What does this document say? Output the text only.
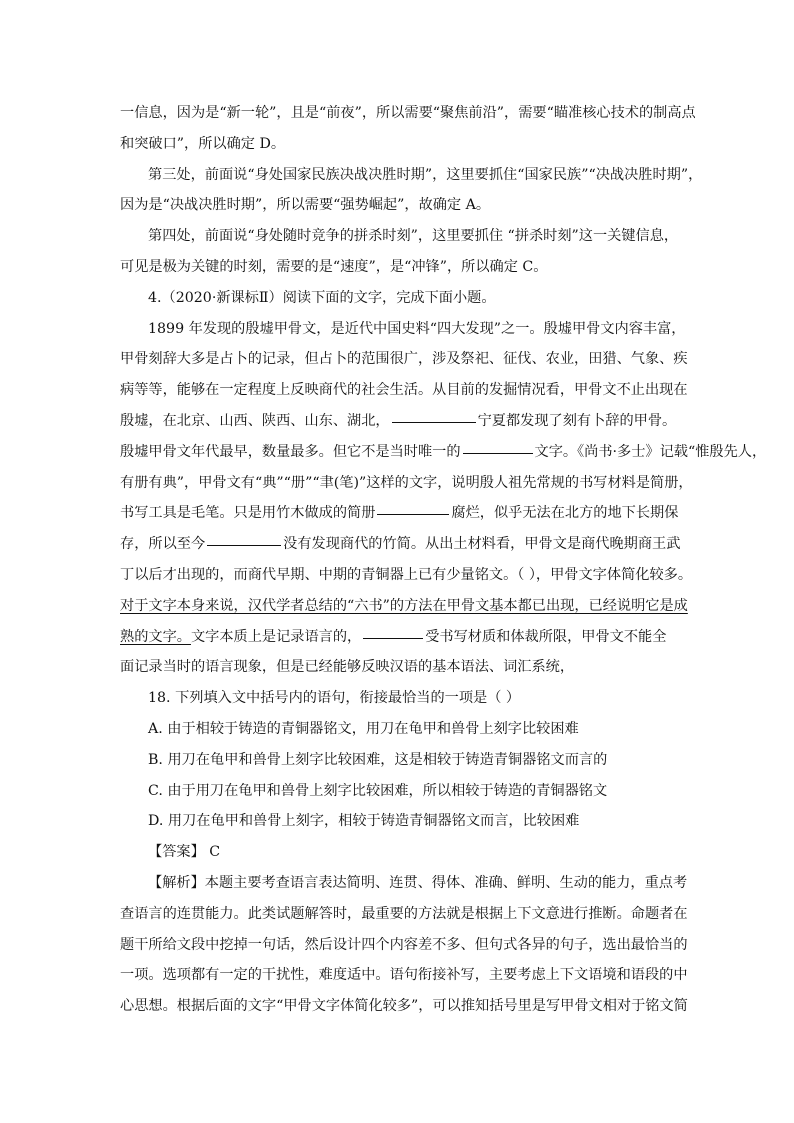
一信息，因为是“新一轮”，且是“前夜”，所以需要“聚焦前沿”，需要“瞄准核心技术的制高点
和突破口”，所以确定 D。
第三处，前面说“身处国家民族决战决胜时期”，这里要抓住“国家民族”“决战决胜时期”，
因为是“决战决胜时期”，所以需要“强势崛起”，故确定 A。
第四处，前面说“身处随时竞争的拼杀时刻”，这里要抓住 “拼杀时刻”这一关键信息，
可见是极为关键的时刻，需要的是“速度”，是“冲锋”，所以确定 C。
4.（2020·新课标Ⅱ）阅读下面的文字，完成下面小题。
1899 年发现的殷墟甲骨文，是近代中国史料“四大发现”之一。殷墟甲骨文内容丰富，
甲骨刻辞大多是占卜的记录，但占卜的范围很广，涉及祭祀、征伐、农业，田猎、气象、疾
病等等，能够在一定程度上反映商代的社会生活。从目前的发掘情况看，甲骨文不止出现在
殷墟，在北京、山西、陕西、山东、湖北，	宁夏都发现了刻有卜辞的甲骨。
殷墟甲骨文年代最早，数量最多。但它不是当时唯一的	文字。《尚书·多士》记载“惟殷先人，
有册有典”，甲骨文有“典”“册”“聿(笔)”这样的文字，说明殷人祖先常规的书写材料是简册，
书写工具是毛笔。只是用竹木做成的简册	腐烂，似乎无法在北方的地下长期保
存，所以至今	没有发现商代的竹简。从出土材料看，甲骨文是商代晚期商王武
丁以后才出现的，而商代早期、中期的青铜器上已有少量铭文。（ ），甲骨文字体简化较多。
对于文字本身来说，汉代学者总结的“六书”的方法在甲骨文基本都已出现，已经说明它是成
熟的文字。文字本质上是记录语言的，	受书写材质和体裁所限，甲骨文不能全
面记录当时的语言现象，但是已经能够反映汉语的基本语法、词汇系统，
18. 下列填入文中括号内的语句，衔接最恰当的一项是（ ）
A. 由于相较于铸造的青铜器铭文，用刀在龟甲和兽骨上刻字比较困难
B. 用刀在龟甲和兽骨上刻字比较困难，这是相较于铸造青铜器铭文而言的
C. 由于用刀在龟甲和兽骨上刻字比较困难，所以相较于铸造的青铜器铭文
D. 用刀在龟甲和兽骨上刻字，相较于铸造青铜器铭文而言，比较困难
【答案】 C
【解析】本题主要考查语言表达简明、连贯、得体、准确、鲜明、生动的能力，重点考
查语言的连贯能力。此类试题解答时，最重要的方法就是根据上下文意进行推断。命题者在
题干所给文段中挖掉一句话，然后设计四个内容差不多、但句式各异的句子，选出最恰当的
一项。选项都有一定的干扰性，难度适中。语句衔接补写，主要考虑上下文语境和语段的中
心思想。根据后面的文字“甲骨文字体简化较多”，可以推知括号里是写甲骨文相对于铭文简
